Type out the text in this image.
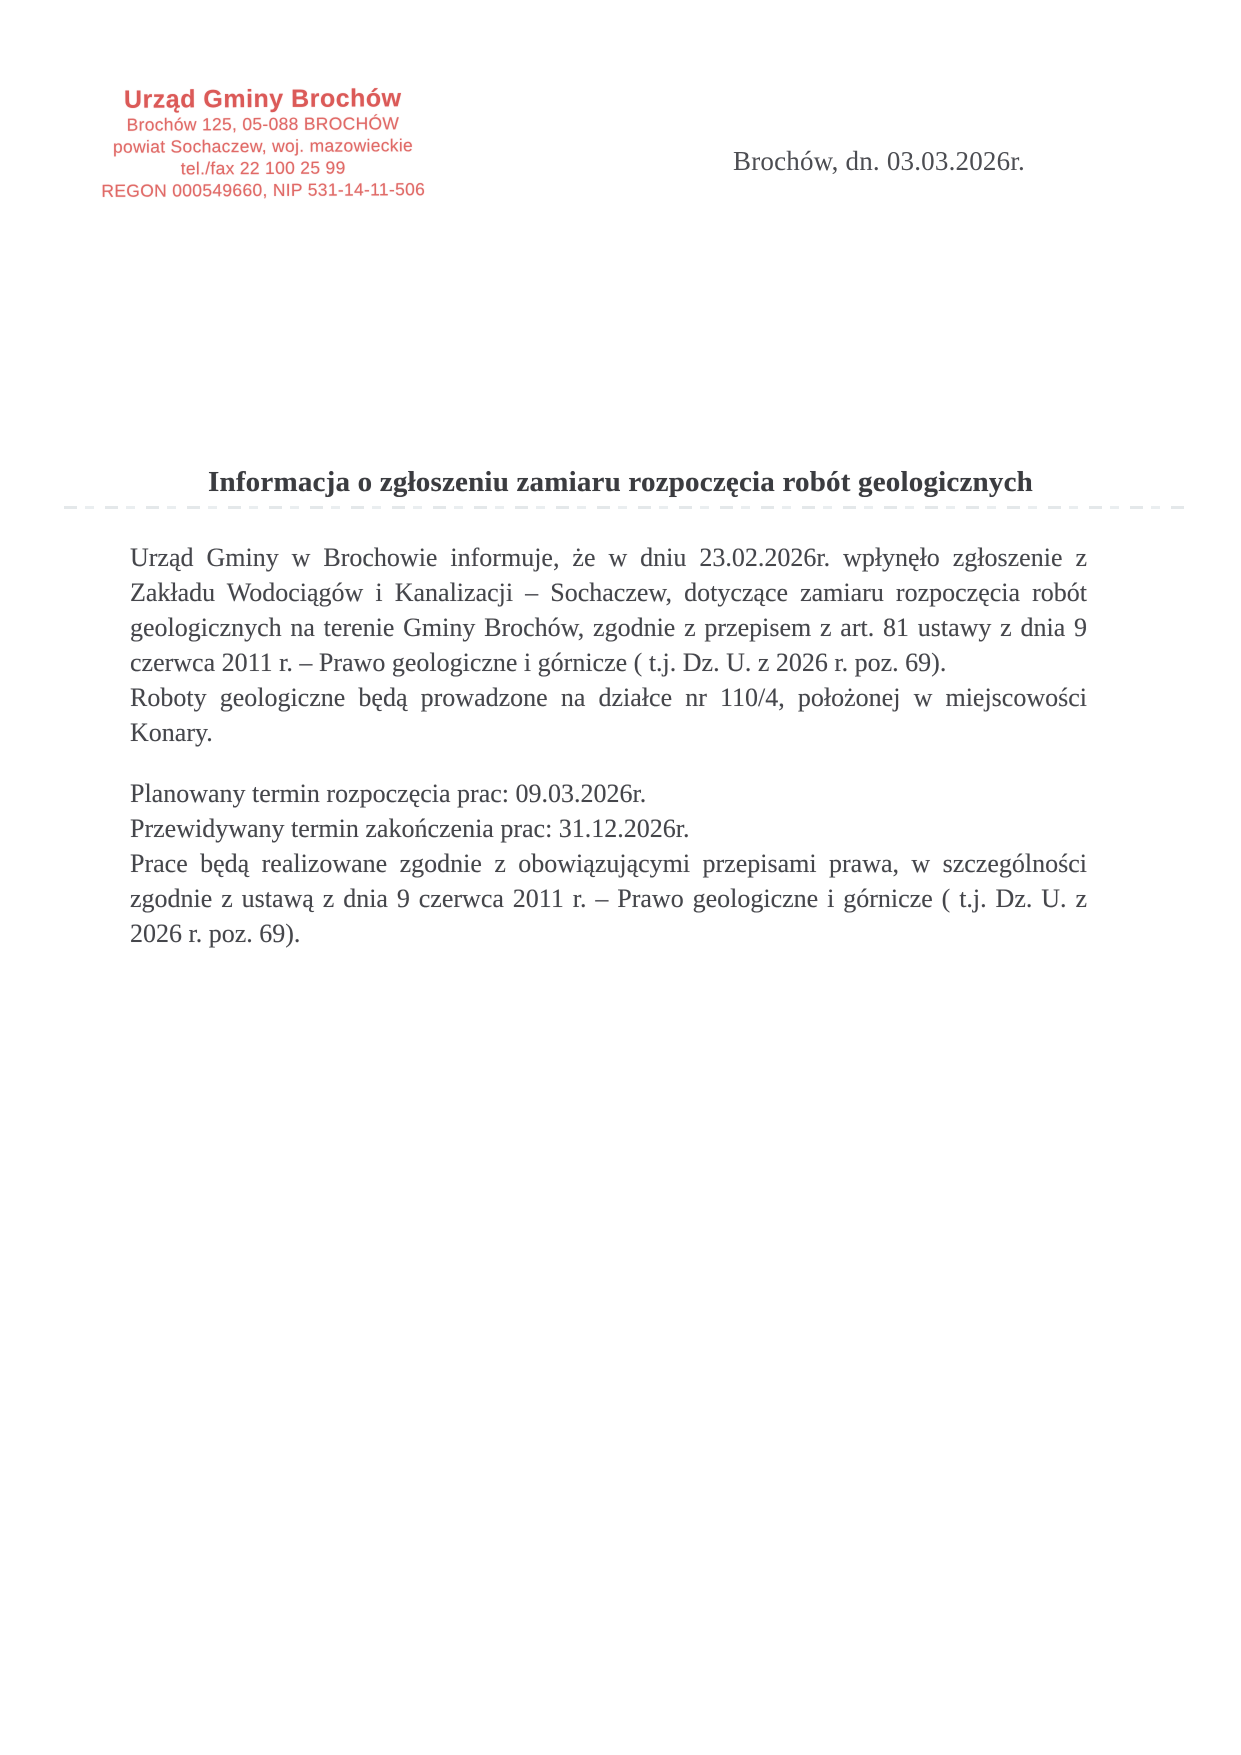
Urząd Gminy Brochów
Brochów 125, 05-088 BROCHÓW
powiat Sochaczew, woj. mazowieckie
tel./fax 22 100 25 99
REGON 000549660, NIP 531-14-11-506
Brochów, dn. 03.03.2026r.
Informacja o zgłoszeniu zamiaru rozpoczęcia robót geologicznych

Urząd Gminy w Brochowie informuje, że w dniu 23.02.2026r. wpłynęło zgłoszenie z Zakładu Wodociągów i Kanalizacji – Sochaczew, dotyczące zamiaru rozpoczęcia robót geologicznych na terenie Gminy Brochów, zgodnie z przepisem z art. 81 ustawy z dnia 9 czerwca 2011 r. – Prawo geologiczne i górnicze ( t.j. Dz. U. z 2026 r. poz. 69).

Roboty geologiczne będą prowadzone na działce nr 110/4, położonej w miejscowości Konary.

Planowany termin rozpoczęcia prac: 09.03.2026r.

Przewidywany termin zakończenia prac: 31.12.2026r.

Prace będą realizowane zgodnie z obowiązującymi przepisami prawa, w szczególności zgodnie z ustawą z dnia 9 czerwca 2011 r. – Prawo geologiczne i górnicze ( t.j. Dz. U. z 2026 r. poz. 69).
